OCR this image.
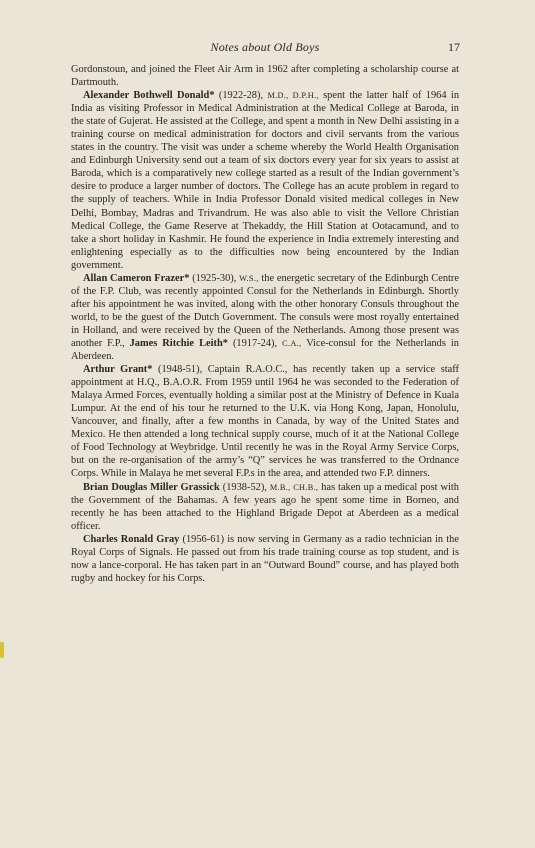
Notes about Old Boys	17

Gordonstoun, and joined the Fleet Air Arm in 1962 after completing a scholarship course at Dartmouth.

Alexander Bothwell Donald* (1922-28), M.D., D.P.H., spent the latter half of 1964 in India as visiting Professor in Medical Administration at the Medical College at Baroda, in the state of Gujerat. He assisted at the College, and spent a month in New Delhi assisting in a training course on medical administration for doctors and civil servants from the various states in the country. The visit was under a scheme whereby the World Health Organisation and Edinburgh University send out a team of six doctors every year for six years to assist at Baroda, which is a comparatively new college started as a result of the Indian government’s desire to produce a larger number of doctors. The College has an acute problem in regard to the supply of teachers. While in India Professor Donald visited medical colleges in New Delhi, Bombay, Madras and Trivandrum. He was also able to visit the Vellore Christian Medical College, the Game Reserve at Thekaddy, the Hill Station at Ootacamund, and to take a short holiday in Kashmir. He found the experience in India extremely interesting and enlightening especially as to the difficulties now being encountered by the Indian government.

Allan Cameron Frazer* (1925-30), W.S., the energetic secretary of the Edinburgh Centre of the F.P. Club, was recently appointed Consul for the Netherlands in Edinburgh. Shortly after his appointment he was invited, along with the other honorary Consuls throughout the world, to be the guest of the Dutch Government. The consuls were most royally entertained in Holland, and were received by the Queen of the Netherlands. Among those present was another F.P., James Ritchie Leith* (1917-24), C.A., Vice-consul for the Netherlands in Aberdeen.

Arthur Grant* (1948-51), Captain R.A.O.C., has recently taken up a service staff appointment at H.Q., B.A.O.R. From 1959 until 1964 he was seconded to the Federation of Malaya Armed Forces, eventually holding a similar post at the Ministry of Defence in Kuala Lumpur. At the end of his tour he returned to the U.K. via Hong Kong, Japan, Honolulu, Vancouver, and finally, after a few months in Canada, by way of the United States and Mexico. He then attended a long technical supply course, much of it at the National College of Food Technology at Weybridge. Until recently he was in the Royal Army Service Corps, but on the re-organisation of the army’s “Q” services he was transferred to the Ordnance Corps. While in Malaya he met several F.P.s in the area, and attended two F.P. dinners.

Brian Douglas Miller Grassick (1938-52), M.B., CH.B., has taken up a medical post with the Government of the Bahamas. A few years ago he spent some time in Borneo, and recently he has been attached to the Highland Brigade Depot at Aberdeen as a medical officer.

Charles Ronald Gray (1956-61) is now serving in Germany as a radio technician in the Royal Corps of Signals. He passed out from his trade training course as top student, and is now a lance-corporal. He has taken part in an “Outward Bound” course, and has played both rugby and hockey for his Corps.
